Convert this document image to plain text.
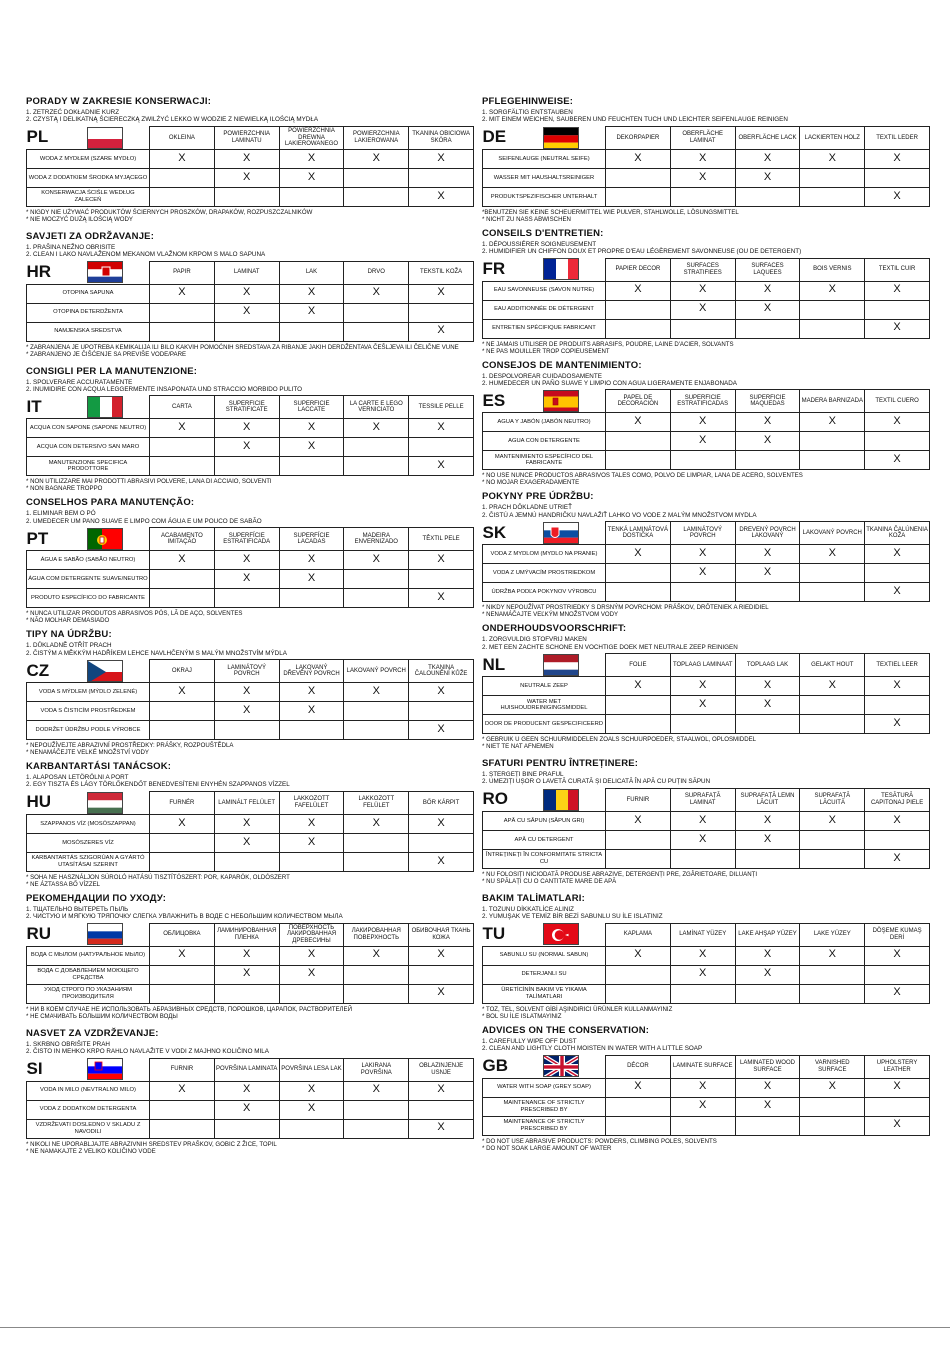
PORADY W ZAKRESIE KONSERWACJI:
1. ZETRZEĆ DOKŁADNIE KURZ
2. CZYSTĄ I DELIKATNĄ ŚCIERECZKĄ ZWILŻYĆ LEKKO W WODZIE Z NIEWIELKĄ ILOŚCIĄ MYDŁA
PL	OKLEINA	POWIERZCHNIA LAMINATU	POWIERZCHNIA DREWNA LAKIEROWANEGO	POWIERZCHNIA LAKIEROWANA	TKANINA OBICIOWA SKÓRA
WODA Z MYDŁEM (SZARE MYDŁO)	X	X	X	X	X
WODA Z DODATKIEM ŚRODKA MYJĄCEGO		X	X		
KONSERWACJA ŚCIŚLE WEDŁUG ZALECEŃ					X
* NIGDY NIE UŻYWAĆ PRODUKTÓW ŚCIERNYCH PROSZKÓW, DRAPAKÓW, ROZPUSZCZALNIKÓW
* NIE MOCZYĆ DUŻĄ ILOŚCIĄ WODY
SAVJETI ZA ODRŽAVANJE:
1. PRAŠINA NEŽNO OBRISITE
2. CLEAN I LAKO NAVLAŽENOM MEKANOM VLAŽNOM KRPOM S MALO SAPUNA
HR	PAPIR	LAMINAT	LAK	DRVO	TEKSTIL KOŽA
OTOPINA SAPUNA	X	X	X	X	X
OTOPINA DETERDŽENTA		X	X		
NAMJENSKA SREDSTVA					X
* ZABRANJENA JE UPOTREBA KEMIKALIJA ILI BILO KAKVIH POMOĆNIH SREDSTAVA ZA RIBANJE JAKIH DERDŽENTAVA ČEŠLJEVA ILI ČELIČNE VUNE
* ZABRANJENO JE ČIŠĆENJE SA PREVIŠE VODE/PARE
CONSIGLI PER LA MANUTENZIONE:
1. SPOLVERARE ACCURATAMENTE
2. INUMIDIRE CON ACQUA LEGGERMENTE INSAPONATA UND STRACCIO MORBIDO PULITO
IT	CARTA	SUPERFICIE STRATIFICATE	SUPERFICIE LACCATE	LA CARTE E LEGO VERNICIATO	TESSILE PELLE
ACQUA CON SAPONE (SAPONE NEUTRO)	X	X	X	X	X
ACQUA CON DETERSIVO SAN MARO		X	X		
MANUTENZIONE SPECIFICA PRODOTTORE					X
* NON UTILIZZARE MAI PRODOTTI ABRASIVI POLVERE, LANA DI ACCIAIO, SOLVENTI
* NON BAGNARE TROPPO
CONSELHOS PARA MANUTENÇÃO:
1. ELIMINAR BEM O PÓ
2. UMEDECER UM PANO SUAVE E LIMPO COM ÁGUA E UM POUCO DE SABÃO
PT	ACABAMENTO IMITAÇÃO	SUPERFÍCIE ESTRATIFICADA	SUPERFÍCIE LACADAS	MADEIRA ENVERNIZADO	TÊXTIL PELE
ÁGUA E SABÃO (SABÃO NEUTRO)	X	X	X	X	X
ÁGUA COM DETERGENTE SUAVE/NEUTRO		X	X		
PRODUTO ESPECÍFICO DO FABRICANTE					X
* NUNCA UTILIZAR PRODUTOS ABRASIVOS PÓS, LÃ DE AÇO, SOLVENTES
* NÃO MOLHAR DEMASIADO
TIPY NA ÚDRŽBU:
1. DŮKLADNĚ OTŘÍT PRACH
2. ČISTÝM A MĚKKÝM HADŘÍKEM LEHCE NAVLHČENÝM S MALÝM MNOŽSTVÍM MÝDLA
CZ	OKRAJ	LAMINÁTOVÝ POVRCH	LAKOVANÝ DŘEVĚNÝ POVRCH	LAKOVANÝ POVRCH	TKANINA ČALOUNĚNÍ KŮŽE
VODA S MÝDLEM (MÝDLO ZELENÉ)	X	X	X	X	X
VODA S ČISTICÍM PROSTŘEDKEM		X	X		
DODRŽET ÚDRŽBU PODLE VÝROBCE					X
* NEPOUŽÍVEJTE ABRAZIVNÍ PROSTŘEDKY: PRÁŠKY, ROZPOUŠTĚDLA
* NENAMÁČEJTE VELKÉ MNOŽSTVÍ VODY
KARBANTARTÁSI TANÁCSOK:
1. ALAPOSAN LETÖRÖLNI A PORT
2. EGY TISZTA ÉS LÁGY TÖRLŐKENDŐT BENEDVESÍTENI ENYHÉN SZAPPANOS VÍZZEL
HU	FURNÉR	LAMINÁLT FELÜLET	LAKKOZOTT FAFELÜLET	LAKKOZOTT FELÜLET	BŐR KÁRPIT
SZAPPANOS VÍZ (MOSÓSZAPPAN)	X	X	X	X	X
MOSÓSZERES VÍZ		X	X		
KARBANTARTÁS SZIGORÚAN A GYÁRTÓ UTASÍTÁSAI SZERINT					X
* SOHA NE HASZNÁLJON SÚROLÓ HATÁSÚ TISZTÍTÓSZERT: POR, KAPARÓK, OLDÓSZERT
* NE ÁZTASSA BŐ VÍZZEL
РЕКОМЕНДАЦИИ ПО УХОДУ:
1. ТЩАТЕЛЬНО ВЫТЕРЕТЬ ПЫЛЬ
2. ЧИСТУЮ И МЯГКУЮ ТРЯПОЧКУ СЛЕГКА УВЛАЖНИТЬ В ВОДЕ С НЕБОЛЬШИМ КОЛИЧЕСТВОМ МЫЛА
RU	ОБЛИЦОВКА	ЛАМИНИРОВАННАЯ ПЛЕНКА	ПОВЕРХНОСТЬ ЛАКИРОВАННАЯ ДРЕВЕСИНЫ	ЛАКИРОВАННАЯ ПОВЕРХНОСТЬ	ОБИВОЧНАЯ ТКАНЬ КОЖА
ВОДА С МЫЛОМ (НАТУРАЛЬНОЕ МЫЛО)	X	X	X	X	X
ВОДА С ДОБАВЛЕНИЕМ МОЮЩЕГО СРЕДСТВА		X	X		
УХОД СТРОГО ПО УКАЗАНИЯМ ПРОИЗВОДИТЕЛЯ					X
* НИ В КОЕМ СЛУЧАЕ НЕ ИСПОЛЬЗОВАТЬ АБРАЗИВНЫХ СРЕДСТВ, ПОРОШКОВ, ЦАРАПОК, РАСТВОРИТЕЛЕЙ
* НЕ СМАЧИВАТЬ БОЛЬШИМ КОЛИЧЕСТВОМ ВОДЫ
NASVET ZA VZDRŽEVANJE:
1. SKRBNO OBRIŠITE PRAH
2. ČISTO IN MEHKO KRPO RAHLO NAVLAŽITE V VODI Z MAJHNO KOLIČINO MILA
SI	FURNIR	POVRŠINA LAMINATA	POVRŠINA LESA LAK	LAKIRANA POVRŠINA	OBLAZINJENJE USNJE
VODA IN MILO (NEVTRALNO MILO)	X	X	X	X	X
VODA Z DODATKOM DETERGENTA		X	X		
VZDRŽEVATI DOSLEDNO V SKLADU Z NAVODILI					X
* NIKOLI NE UPORABLJAJTE ABRAZIVNIH SREDSTEV PRAŠKOV, GOBIC Z ŽICE, TOPIL
* NE NAMAKAJTE Z VELIKO KOLIČINO VODE
PFLEGEHINWEISE:
1. SORGFÄLTIG ENTSTAUBEN
2. MIT EINEM WEICHEN, SAUBEREN UND FEUCHTEN TUCH UND LEICHTER SEIFENLAUGE REINIGEN
DE	DEKORPAPIER	OBERFLÄCHE LAMINAT	OBERFLÄCHE LACK	LACKIERTEN HOLZ	TEXTIL LEDER
SEIFENLAUGE (NEUTRAL SEIFE)	X	X	X	X	X
WASSER MIT HAUSHALTSREINIGER		X	X		
PRODUKTSPEZIFISCHER UNTERHALT					X
*BENUTZEN SIE KEINE SCHEUERMITTEL WIE PULVER, STAHLWOLLE, LÖSUNGSMITTEL
* NICHT ZU NASS ABWISCHEN
CONSEILS D'ENTRETIEN:
1. DÉPOUSSIÉRER SOIGNEUSEMENT
2. HUMIDIFIER UN CHIFFON DOUX ET PROPRE D'EAU LÉGÈREMENT SAVONNEUSE (OU DE DETERGENT)
FR	PAPIER DECOR	SURFACES STRATIFIEES	SURFACES LAQUEES	BOIS VERNIS	TEXTIL CUIR
EAU SAVONNEUSE (SAVON NUTRE)	X	X	X	X	X
EAU ADDITIONNÉE DE DÉTERGENT		X	X		
ENTRETIEN SPÉCIFIQUE FABRICANT					X
* NE JAMAIS UTILISER DE PRODUITS ABRASIFS, POUDRE, LAINE D'ACIER, SOLVANTS
* NE PAS MOUILLER TROP COPIEUSEMENT
CONSEJOS DE MANTENIMIENTO:
1. DESPOLVOREAR CUIDADOSAMENTE
2. HUMEDECER UN PAÑO SUAVE Y LIMPIO CON AGUA LIGERAMENTE ENJABONADA
ES	PAPEL DE DECORACIÓN	SUPERFICIE ESTRATIFICADAS	SUPERFICIE MAQUEDAS	MADERA BARNIZADA	TEXTIL CUERO
AGUA Y JABÓN (JABÓN NEUTRO)	X	X	X	X	X
AGUA CON DETERGENTE		X	X		
MANTENIMIENTO ESPECÍFICO DEL FABRICANTE					X
* NO USE NUNCE PRODUCTOS ABRASIVOS TALES COMO, POLVO DE LIMPIAR, LANA DE ACERO, SOLVENTES
* NO MOJAR EXAGERADAMENTE
POKYNY PRE ÚDRŽBU:
1. PRACH DÔKLADNE UTRIEŤ
2. ČISTÚ A JEMNÚ HANDRIČKU NAVLAŽIŤ LAHKO VO VODE Z MALÝM MNOŽSTVOM MYDLA
SK	TENKÁ LAMINÁTOVÁ DOSTIČKA	LAMINÁTOVÝ POVRCH	DREVENÝ POVRCH LAKOVANÝ	LAKOVANÝ POVRCH	TKANINA ČALÚNENIA KOŽA
VODA Z MYDLOM (MYDLO NA PRANIE)	X	X	X	X	X
VODA Z UMÝVACÍM PROSTRIEDKOM		X	X		
ÚDRŽBA PODĽA POKYNOV VÝROBCU					X
* NIKDY NEPOUŽÍVAT PROSTRIEDKY S DRSNÝM POVRCHOM: PRÁŠKOV, DRÔTENIEK A RIEDIDIEL
* NENAMÁČAJTE VEĽKÝM MNOŽSTVOM VODY
ONDERHOUDSVOORSCHRIFT:
1. ZORGVULDIG STOFVRIJ MAKEN
2. MET EEN ZACHTE SCHONE EN VOCHTIGE DOEK MET NEUTRALE ZEEP REINIGEN
NL	FOLIE	TOPLAAG LAMINAAT	TOPLAAG LAK	GELAKT HOUT	TEXTIEL LEER
NEUTRALE ZEEP	X	X	X	X	X
WATER MET HUISHOUDREINIGINGSMIDDEL		X	X		
DOOR DE PRODUCENT GESPECIFICEERD					X
* GEBRUIK U GEEN SCHUURMIDDELEN ZOALS SCHUURPOEDER, STAALWOL, OPLOSMIDDEL
* NIET TE NAT AFNEMEN
SFATURI PENTRU ÎNTREȚINERE:
1. ȘTERGEȚI BINE PRAFUL
2. UMEZIȚI UȘOR O LAVETĂ CURATĂ ȘI DELICATĂ ÎN APĂ CU PUȚIN SĂPUN
RO	FURNIR	SUPRAFAȚĂ LAMINAT	SUPRAFAȚĂ LEMN LĂCUIT	SUPRAFAȚĂ LĂCUITĂ	TESĂTURĂ CAPITONAJ PIELE
APĂ CU SĂPUN (SĂPUN GRI)	X	X	X	X	X
APĂ CU DETERGENT		X	X		
ÎNTREȚINEȚI ÎN CONFORMITATE STRICTA CU					X
* NU FOLOSIȚI NICIODATĂ PRODUSE ABRAZIVE, DETERGENȚI PRE, ZGÂRIETOARE, DILUANȚI
* NU SPĂLAȚI CU O CANTITATE MARE DE APĂ
BAKIM TALİMATLARI:
1. TOZUNU DİKKATLİCE ALINIZ
2. YUMUŞAK VE TEMİZ BİR BEZİ SABUNLU SU İLE ISLATINIZ
TU	KAPLAMA	LAMİNAT YÜZEY	LAKE AHŞAP YÜZEY	LAKE YÜZEY	DÖŞEME KUMAŞ DERİ
SABUNLU SU (NORMAL SABUN)	X	X	X	X	X
DETERJANLI SU		X	X		
ÜRETİCİNİN BAKIM VE YIKAMA TALİMATLARI					X
* TOZ, TEL, SOLVENT GİBİ AŞINDIRICI ÜRÜNLER KULLANMAYINIZ
* BOL SU İLE ISLATMAYINIZ
ADVICES ON THE CONSERVATION:
1. CAREFULLY WIPE OFF DUST
2. CLEAN AND LIGHTLY CLOTH MOISTEN IN WATER WITH A LITTLE SOAP
GB	DÉCOR	LAMINATE SURFACE	LAMINATED WOOD SURFACE	VARNISHED SURFACE	UPHOLSTERY LEATHER
WATER WITH SOAP (GREY SOAP)	X	X	X	X	X
MAINTENANCE OF STRICTLY PRESCRIBED BY		X	X		
MAINTENANCE OF STRICTLY PRESCRIBED BY					X
* DO NOT USE ABRASIVE PRODUCTS: POWDERS, CLIMBING POLES, SOLVENTS
* DO NOT SOAK LARGE AMOUNT OF WATER
